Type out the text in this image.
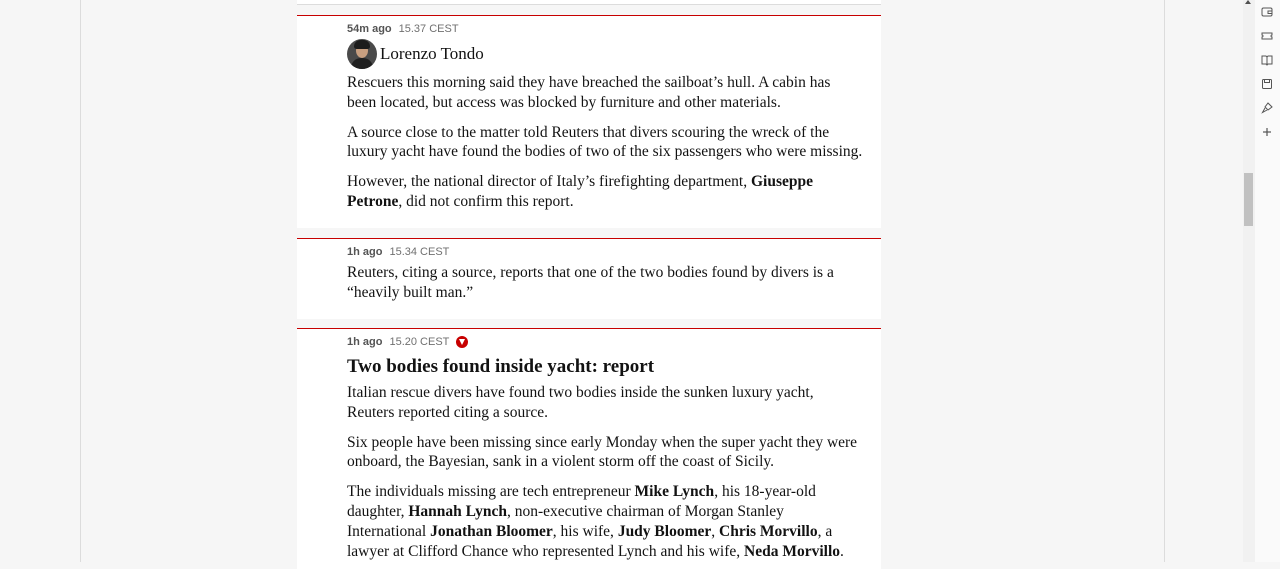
54m ago 15.37 CEST
Lorenzo Tondo

Rescuers this morning said they have breached the sailboat’s hull. A cabin has been located, but access was blocked by furniture and other materials.

A source close to the matter told Reuters that divers scouring the wreck of the luxury yacht have found the bodies of two of the six passengers who were missing.

However, the national director of Italy’s firefighting department, Giuseppe Petrone, did not confirm this report.

1h ago 15.34 CEST

Reuters, citing a source, reports that one of the two bodies found by divers is a “heavily built man.”

1h ago 15.20 CEST
Two bodies found inside yacht: report

Italian rescue divers have found two bodies inside the sunken luxury yacht, Reuters reported citing a source.

Six people have been missing since early Monday when the super yacht they were onboard, the Bayesian, sank in a violent storm off the coast of Sicily.

The individuals missing are tech entrepreneur Mike Lynch, his 18-year-old daughter, Hannah Lynch, non-executive chairman of Morgan Stanley International Jonathan Bloomer, his wife, Judy Bloomer, Chris Morvillo, a lawyer at Clifford Chance who represented Lynch and his wife, Neda Morvillo.
